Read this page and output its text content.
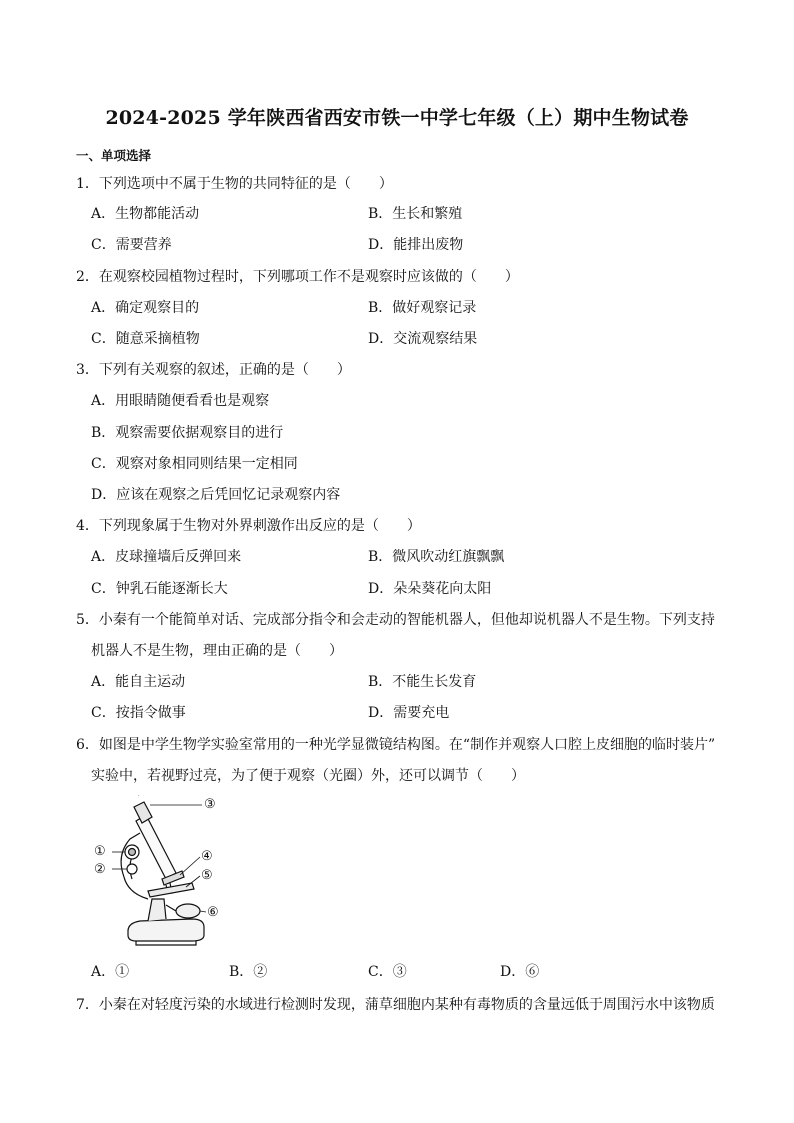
2024-2025 学年陕西省西安市铁一中学七年级（上）期中生物试卷
一、单项选择
1．下列选项中不属于生物的共同特征的是（　　）
A．生物都能活动	B．生长和繁殖
C．需要营养	D．能排出废物
2．在观察校园植物过程时，下列哪项工作不是观察时应该做的（　　）
A．确定观察目的	B．做好观察记录
C．随意采摘植物	D．交流观察结果
3．下列有关观察的叙述，正确的是（　　）
A．用眼睛随便看看也是观察
B．观察需要依据观察目的进行
C．观察对象相同则结果一定相同
D．应该在观察之后凭回忆记录观察内容
4．下列现象属于生物对外界刺激作出反应的是（　　）
A．皮球撞墙后反弹回来	B．微风吹动红旗飘飘
C．钟乳石能逐渐长大	D．朵朵葵花向太阳
5．小秦有一个能简单对话、完成部分指令和会走动的智能机器人，但他却说机器人不是生物。下列支持
机器人不是生物，理由正确的是（　　）
A．能自主运动	B．不能生长发育
C．按指令做事	D．需要充电
6．如图是中学生物学实验室常用的一种光学显微镜结构图。在“制作并观察人口腔上皮细胞的临时装片”
实验中，若视野过亮，为了便于观察（光圈）外，还可以调节（　　）
③
①
②
④
⑤
⑥
A．①	B．②	C．③	D．⑥
7．小秦在对轻度污染的水域进行检测时发现，蒲草细胞内某种有毒物质的含量远低于周围污水中该物质
